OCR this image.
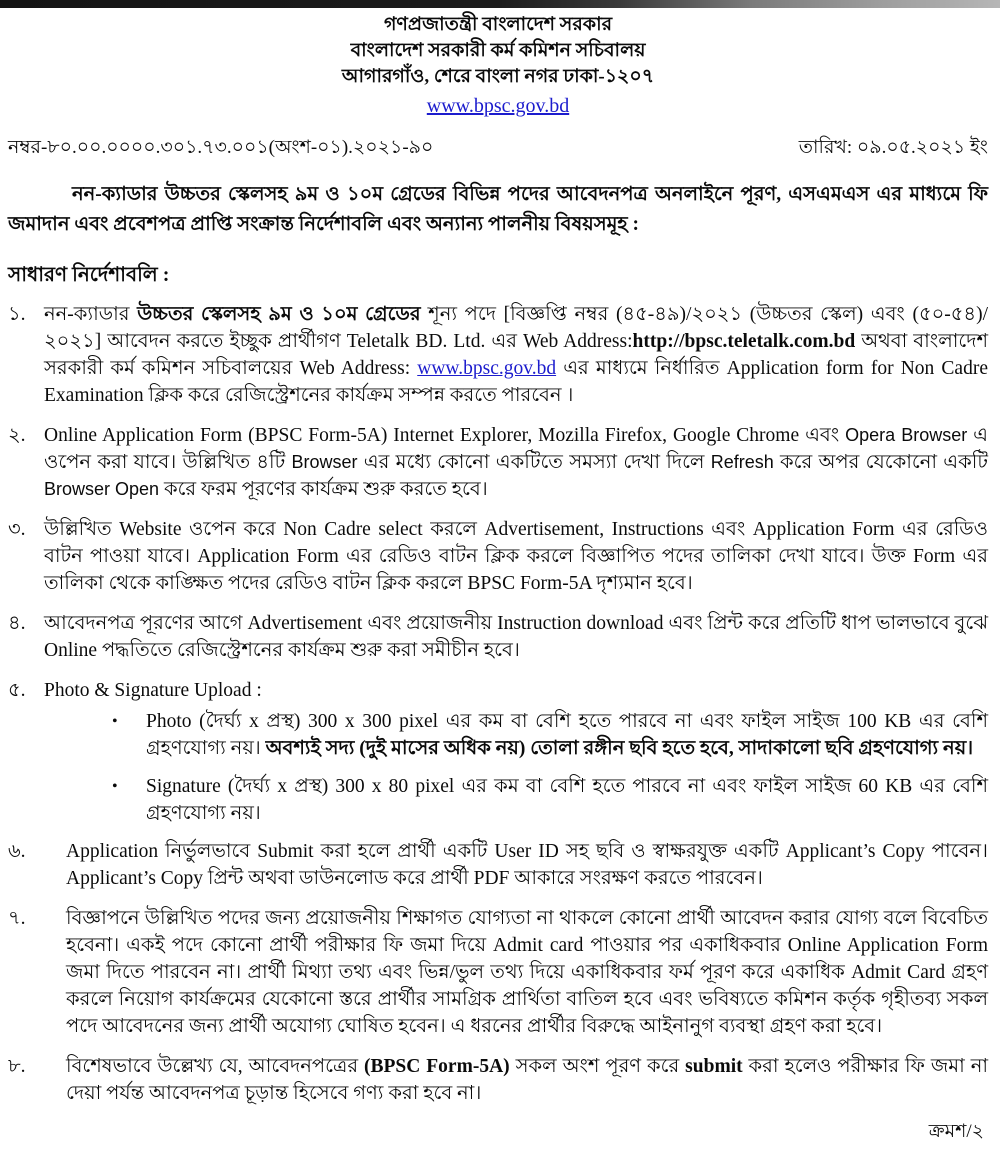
গণপ্রজাতন্ত্রী বাংলাদেশ সরকার
বাংলাদেশ সরকারী কর্ম কমিশন সচিবালয়
আগারগাঁও, শেরে বাংলা নগর ঢাকা-১২০৭
www.bpsc.gov.bd
নম্বর-৮০.০০.০০০০.৩০১.৭৩.০০১(অংশ-০১).২০২১-৯০	তারিখ: ০৯.০৫.২০২১ ইং
নন-ক্যাডার উচ্চতর স্কেলসহ ৯ম ও ১০ম গ্রেডের বিভিন্ন পদের আবেদনপত্র অনলাইনে পূরণ, এসএমএস এর মাধ্যমে ফি জমাদান এবং প্রবেশপত্র প্রাপ্তি সংক্রান্ত নির্দেশাবলি এবং অন্যান্য পালনীয় বিষয়সমূহ :
সাধারণ নির্দেশাবলি :
১. নন-ক্যাডার উচ্চতর স্কেলসহ ৯ম ও ১০ম গ্রেডের শূন্য পদে [বিজ্ঞপ্তি নম্বর (৪৫-৪৯)/২০২১ (উচ্চতর স্কেল) এবং (৫০-৫৪)/২০২১] আবেদন করতে ইচ্ছুক প্রার্থীগণ Teletalk BD. Ltd. এর Web Address:http://bpsc.teletalk.com.bd অথবা বাংলাদেশ সরকারী কর্ম কমিশন সচিবালয়ের Web Address: www.bpsc.gov.bd এর মাধ্যমে নির্ধারিত Application form for Non Cadre Examination ক্লিক করে রেজিস্ট্রেশনের কার্যক্রম সম্পন্ন করতে পারবেন ।
২. Online Application Form (BPSC Form-5A) Internet Explorer, Mozilla Firefox, Google Chrome এবং Opera Browser এ ওপেন করা যাবে। উল্লিখিত ৪টি Browser এর মধ্যে কোনো একটিতে সমস্যা দেখা দিলে Refresh করে অপর যেকোনো একটি Browser Open করে ফরম পূরণের কার্যক্রম শুরু করতে হবে।
৩. উল্লিখিত Website ওপেন করে Non Cadre select করলে Advertisement, Instructions এবং Application Form এর রেডিও বাটন পাওয়া যাবে। Application Form এর রেডিও বাটন ক্লিক করলে বিজ্ঞাপিত পদের তালিকা দেখা যাবে। উক্ত Form এর তালিকা থেকে কাঙ্ক্ষিত পদের রেডিও বাটন ক্লিক করলে BPSC Form-5A দৃশ্যমান হবে।
৪. আবেদনপত্র পূরণের আগে Advertisement এবং প্রয়োজনীয় Instruction download এবং প্রিন্ট করে প্রতিটি ধাপ ভালভাবে বুঝে Online পদ্ধতিতে রেজিস্ট্রেশনের কার্যক্রম শুরু করা সমীচীন হবে।
৫. Photo & Signature Upload :
•	Photo (দৈর্ঘ্য x প্রস্থ) 300 x 300 pixel এর কম বা বেশি হতে পারবে না এবং ফাইল সাইজ 100 KB এর বেশি গ্রহণযোগ্য নয়। অবশ্যই সদ্য (দুই মাসের অধিক নয়) তোলা রঙ্গীন ছবি হতে হবে, সাদাকালো ছবি গ্রহণযোগ্য নয়।
•	Signature (দৈর্ঘ্য x প্রস্থ) 300 x 80 pixel এর কম বা বেশি হতে পারবে না এবং ফাইল সাইজ 60 KB এর বেশি গ্রহণযোগ্য নয়।
৬.	Application নির্ভুলভাবে Submit করা হলে প্রার্থী একটি User ID সহ ছবি ও স্বাক্ষরযুক্ত একটি Applicant’s Copy পাবেন। Applicant’s Copy প্রিন্ট অথবা ডাউনলোড করে প্রার্থী PDF আকারে সংরক্ষণ করতে পারবেন।
৭.	বিজ্ঞাপনে উল্লিখিত পদের জন্য প্রয়োজনীয় শিক্ষাগত যোগ্যতা না থাকলে কোনো প্রার্থী আবেদন করার যোগ্য বলে বিবেচিত হবেনা। একই পদে কোনো প্রার্থী পরীক্ষার ফি জমা দিয়ে Admit card পাওয়ার পর একাধিকবার Online Application Form জমা দিতে পারবেন না। প্রার্থী মিথ্যা তথ্য এবং ভিন্ন/ভুল তথ্য দিয়ে একাধিকবার ফর্ম পূরণ করে একাধিক Admit Card গ্রহণ করলে নিয়োগ কার্যক্রমের যেকোনো স্তরে প্রার্থীর সামগ্রিক প্রার্থিতা বাতিল হবে এবং ভবিষ্যতে কমিশন কর্তৃক গৃহীতব্য সকল পদে আবেদনের জন্য প্রার্থী অযোগ্য ঘোষিত হবেন। এ ধরনের প্রার্থীর বিরুদ্ধে আইনানুগ ব্যবস্থা গ্রহণ করা হবে।
৮.	বিশেষভাবে উল্লেখ্য যে, আবেদনপত্রের (BPSC Form-5A) সকল অংশ পূরণ করে submit করা হলেও পরীক্ষার ফি জমা না দেয়া পর্যন্ত আবেদনপত্র চূড়ান্ত হিসেবে গণ্য করা হবে না।
ক্রমশ/২
